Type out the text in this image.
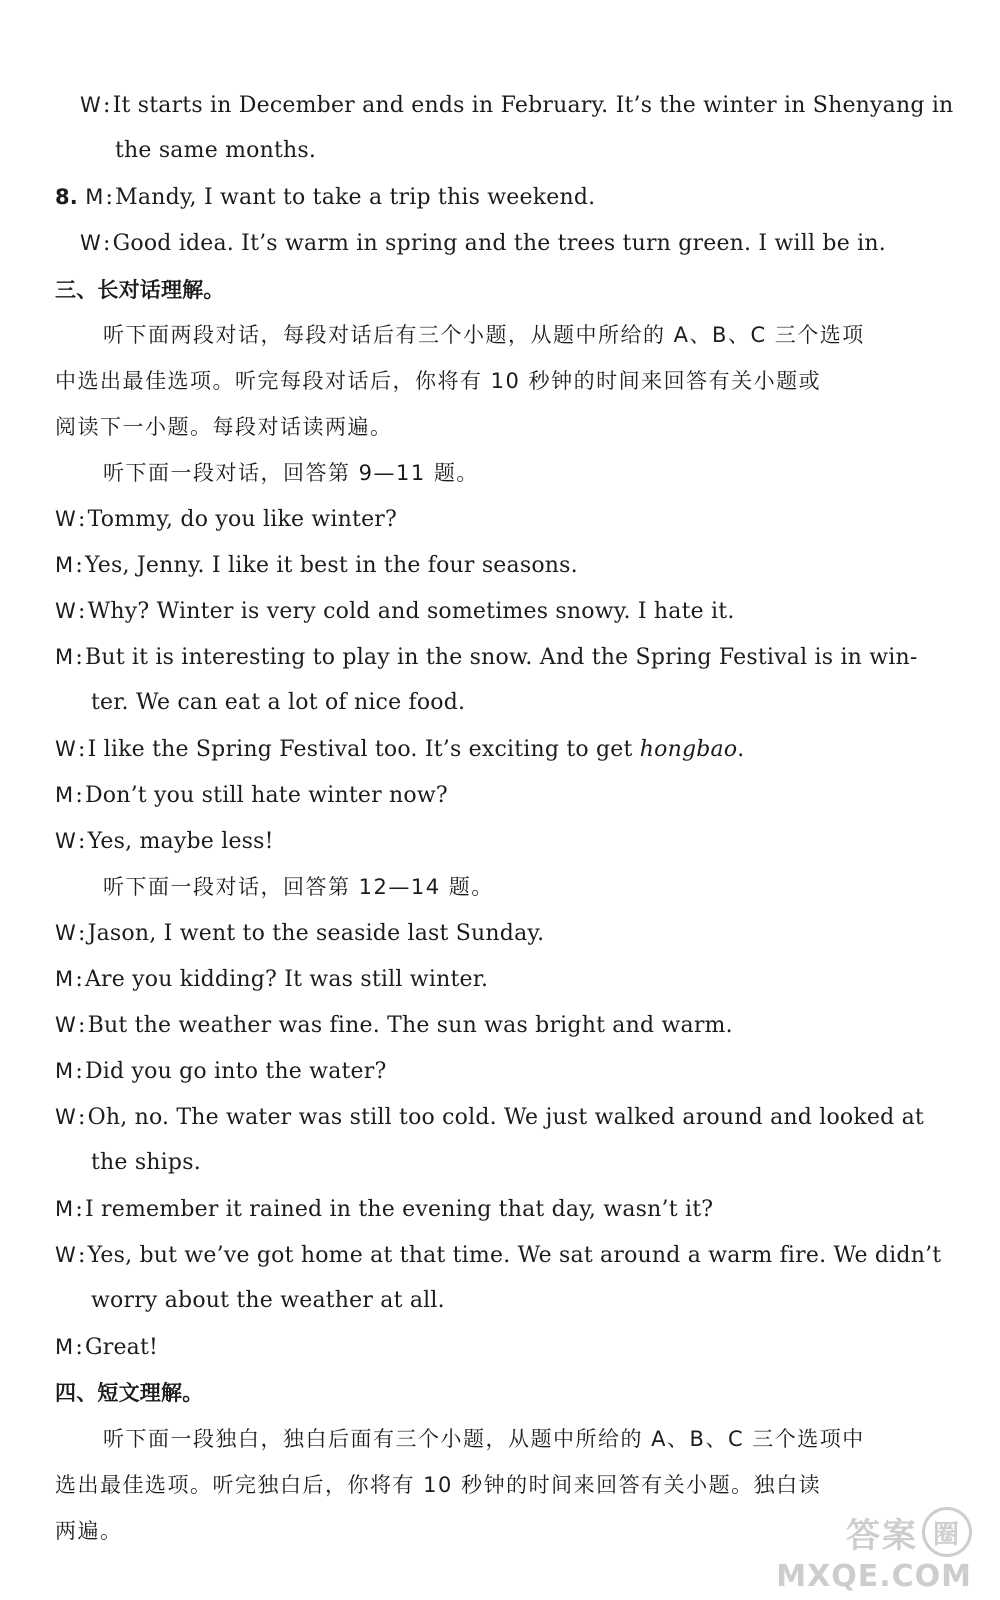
W:It starts in December and ends in February. It’s the winter in Shenyang in
the same months.
8. M:Mandy, I want to take a trip this weekend.
W:Good idea. It’s warm in spring and the trees turn green. I will be in.
三、长对话理解。
听下面两段对话，每段对话后有三个小题，从题中所给的 A、B、C 三个选项
中选出最佳选项。听完每段对话后，你将有 10 秒钟的时间来回答有关小题或
阅读下一小题。每段对话读两遍。
听下面一段对话，回答第 9—11 题。
W:Tommy, do you like winter?
M:Yes, Jenny. I like it best in the four seasons.
W:Why? Winter is very cold and sometimes snowy. I hate it.
M:But it is interesting to play in the snow. And the Spring Festival is in win-
ter. We can eat a lot of nice food.
W:I like the Spring Festival too. It’s exciting to get hongbao.
M:Don’t you still hate winter now?
W:Yes, maybe less!
听下面一段对话，回答第 12—14 题。
W:Jason, I went to the seaside last Sunday.
M:Are you kidding? It was still winter.
W:But the weather was fine. The sun was bright and warm.
M:Did you go into the water?
W:Oh, no. The water was still too cold. We just walked around and looked at
the ships.
M:I remember it rained in the evening that day, wasn’t it?
W:Yes, but we’ve got home at that time. We sat around a warm fire. We didn’t
worry about the weather at all.
M:Great!
四、短文理解。
听下面一段独白，独白后面有三个小题，从题中所给的 A、B、C 三个选项中
选出最佳选项。听完独白后，你将有 10 秒钟的时间来回答有关小题。独白读
两遍。	答案 圈
MXQE.COM
